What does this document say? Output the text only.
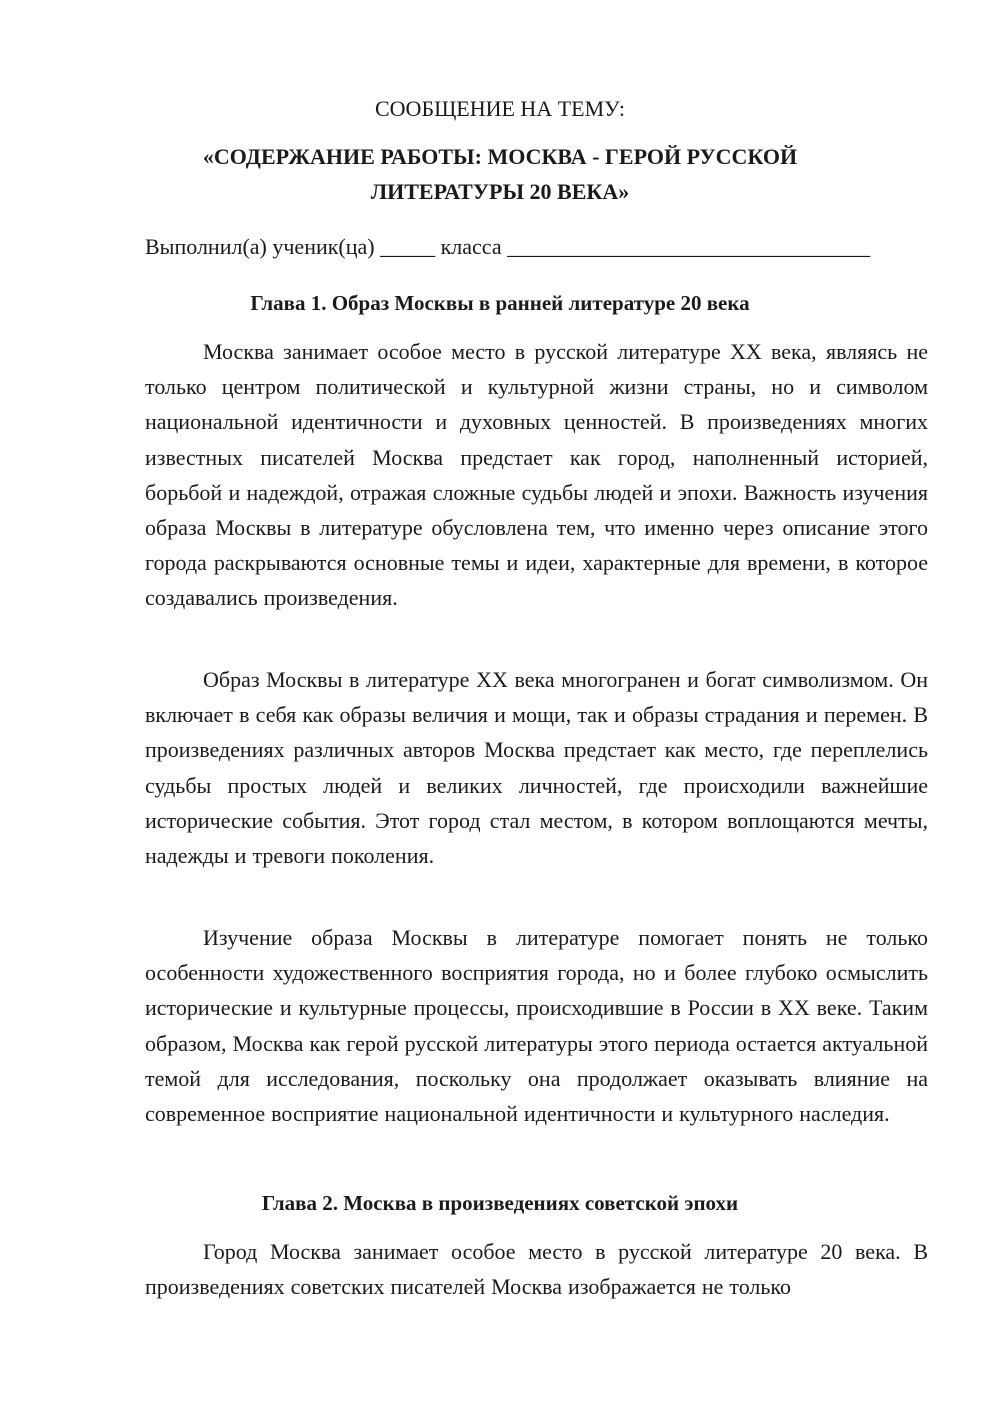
СООБЩЕНИЕ НА ТЕМУ:

«СОДЕРЖАНИЕ РАБОТЫ: МОСКВА - ГЕРОЙ РУССКОЙ

ЛИТЕРАТУРЫ 20 ВЕКА»

Выполнил(а) ученик(ца) _____ класса _________________________________

Глава 1. Образ Москвы в ранней литературе 20 века

Москва занимает особое место в русской литературе XX века, являясь не только центром политической и культурной жизни страны, но и символом национальной идентичности и духовных ценностей. В произведениях многих известных писателей Москва предстает как город, наполненный историей, борьбой и надеждой, отражая сложные судьбы людей и эпохи. Важность изучения образа Москвы в литературе обусловлена тем, что именно через описание этого города раскрываются основные темы и идеи, характерные для времени, в которое создавались произведения.

Образ Москвы в литературе XX века многогранен и богат символизмом. Он включает в себя как образы величия и мощи, так и образы страдания и перемен. В произведениях различных авторов Москва предстает как место, где переплелись судьбы простых людей и великих личностей, где происходили важнейшие исторические события. Этот город стал местом, в котором воплощаются мечты, надежды и тревоги поколения.

Изучение образа Москвы в литературе помогает понять не только особенности художественного восприятия города, но и более глубоко осмыслить исторические и культурные процессы, происходившие в России в XX веке. Таким образом, Москва как герой русской литературы этого периода остается актуальной темой для исследования, поскольку она продолжает оказывать влияние на современное восприятие национальной идентичности и культурного наследия.

Глава 2. Москва в произведениях советской эпохи

Город Москва занимает особое место в русской литературе 20 века. В произведениях советских писателей Москва изображается не только
